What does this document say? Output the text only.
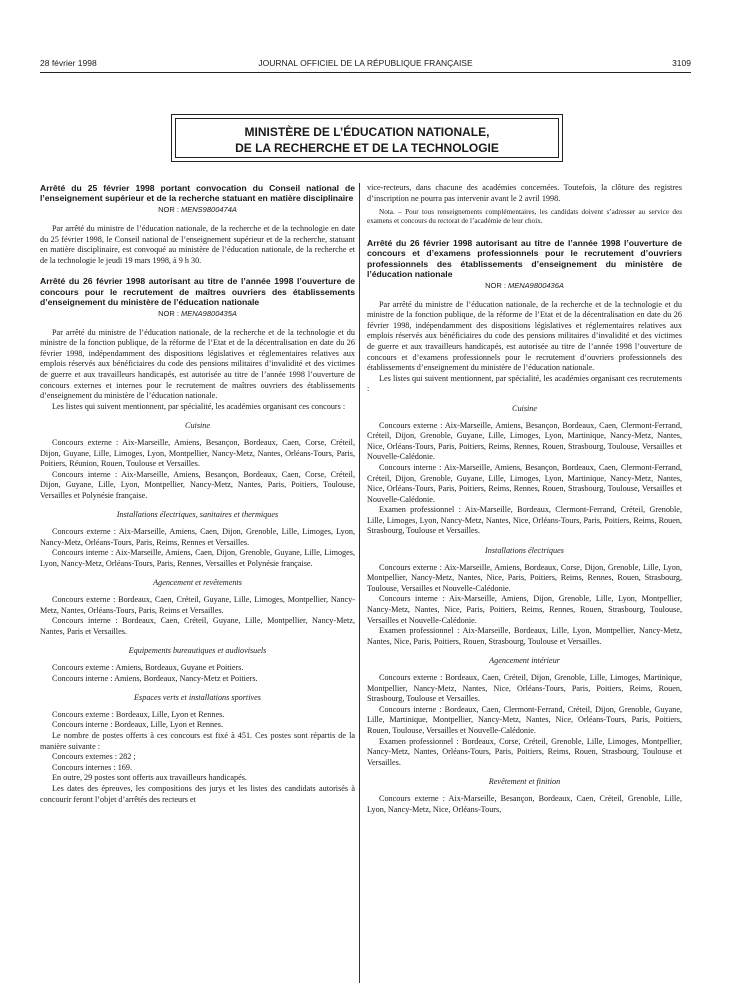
28 février 1998	JOURNAL OFFICIEL DE LA RÉPUBLIQUE FRANÇAISE	3109
MINISTÈRE DE L’ÉDUCATION NATIONALE,
DE LA RECHERCHE ET DE LA TECHNOLOGIE
Arrêté du 25 février 1998 portant convocation du Conseil national de l’enseignement supérieur et de la recherche statuant en matière disciplinaire
NOR : MENS9800474A

Par arrêté du ministre de l’éducation nationale, de la recherche et de la technologie en date du 25 février 1998, le Conseil national de l’enseignement supérieur et de la recherche, statuant en matière disciplinaire, est convoqué au ministère de l’éducation nationale, de la recherche et de la technologie le jeudi 19 mars 1998, à 9 h 30.

Arrêté du 26 février 1998 autorisant au titre de l’année 1998 l’ouverture de concours pour le recrutement de maîtres ouvriers des établissements d’enseignement du ministère de l’éducation nationale
NOR : MENA9800435A

Par arrêté du ministre de l’éducation nationale, de la recherche et de la technologie et du ministre de la fonction publique, de la réforme de l’Etat et de la décentralisation en date du 26 février 1998, indépendamment des dispositions législatives et réglementaires relatives aux emplois réservés aux bénéficiaires du code des pensions militaires d’invalidité et des victimes de guerre et aux travailleurs handicapés, est autorisée au titre de l’année 1998 l’ouverture de concours externes et internes pour le recrutement de maîtres ouvriers des établissements d’enseignement du ministère de l’éducation nationale.

Les listes qui suivent mentionnent, par spécialité, les académies organisant ces concours :

Cuisine

Concours externe : Aix-Marseille, Amiens, Besançon, Bordeaux, Caen, Corse, Créteil, Dijon, Guyane, Lille, Limoges, Lyon, Montpellier, Nancy-Metz, Nantes, Orléans-Tours, Paris, Poitiers, Réunion, Rouen, Toulouse et Versailles.

Concours interne : Aix-Marseille, Amiens, Besançon, Bordeaux, Caen, Corse, Créteil, Dijon, Guyane, Lille, Lyon, Montpellier, Nancy-Metz, Nantes, Paris, Poitiers, Toulouse, Versailles et Polynésie française.

Installations électriques, sanitaires et thermiques

Concours externe : Aix-Marseille, Amiens, Caen, Dijon, Grenoble, Lille, Limoges, Lyon, Nancy-Metz, Orléans-Tours, Paris, Reims, Rennes et Versailles.

Concours interne : Aix-Marseille, Amiens, Caen, Dijon, Grenoble, Guyane, Lille, Limoges, Lyon, Nancy-Metz, Orléans-Tours, Paris, Rennes, Versailles et Polynésie française.

Agencement et revêtements

Concours externe : Bordeaux, Caen, Créteil, Guyane, Lille, Limoges, Montpellier, Nancy-Metz, Nantes, Orléans-Tours, Paris, Reims et Versailles.

Concours interne : Bordeaux, Caen, Créteil, Guyane, Lille, Montpellier, Nancy-Metz, Nantes, Paris et Versailles.

Equipements bureautiques et audiovisuels

Concours externe : Amiens, Bordeaux, Guyane et Poitiers.

Concours interne : Amiens, Bordeaux, Nancy-Metz et Poitiers.

Espaces verts et installations sportives

Concours externe : Bordeaux, Lille, Lyon et Rennes.

Concours interne : Bordeaux, Lille, Lyon et Rennes.

Le nombre de postes offerts à ces concours est fixé à 451. Ces postes sont répartis de la manière suivante :

Concours externes : 282 ;

Concours internes : 169.

En outre, 29 postes sont offerts aux travailleurs handicapés.

Les dates des épreuves, les compositions des jurys et les listes des candidats autorisés à concourir feront l’objet d’arrêtés des recteurs et

vice-recteurs, dans chacune des académies concernées. Toutefois, la clôture des registres d’inscription ne pourra pas intervenir avant le 2 avril 1998.

Nota. – Pour tous renseignements complémentaires, les candidats doivent s’adresser au service des examens et concours du rectorat de l’académie de leur choix.

Arrêté du 26 février 1998 autorisant au titre de l’année 1998 l’ouverture de concours et d’examens professionnels pour le recrutement d’ouvriers professionnels des établissements d’enseignement du ministère de l’éducation nationale
NOR : MENA9800436A

Par arrêté du ministre de l’éducation nationale, de la recherche et de la technologie et du ministre de la fonction publique, de la réforme de l’Etat et de la décentralisation en date du 26 février 1998, indépendamment des dispositions législatives et réglementaires relatives aux emplois réservés aux bénéficiaires du code des pensions militaires d’invalidité et des victimes de guerre et aux travailleurs handicapés, est autorisée au titre de l’année 1998 l’ouverture de concours et d’examens professionnels pour le recrutement d’ouvriers professionnels des établissements d’enseignement du ministère de l’éducation nationale.

Les listes qui suivent mentionnent, par spécialité, les académies organisant ces recrutements :

Cuisine

Concours externe : Aix-Marseille, Amiens, Besançon, Bordeaux, Caen, Clermont-Ferrand, Créteil, Dijon, Grenoble, Guyane, Lille, Limoges, Lyon, Martinique, Nancy-Metz, Nantes, Nice, Orléans-Tours, Paris, Poitiers, Reims, Rennes, Rouen, Strasbourg, Toulouse, Versailles et Nouvelle-Calédonie.

Concours interne : Aix-Marseille, Amiens, Besançon, Bordeaux, Caen, Clermont-Ferrand, Créteil, Dijon, Grenoble, Guyane, Lille, Limoges, Lyon, Martinique, Nancy-Metz, Nantes, Nice, Orléans-Tours, Paris, Poitiers, Reims, Rennes, Rouen, Strasbourg, Toulouse, Versailles et Nouvelle-Calédonie.

Examen professionnel : Aix-Marseille, Bordeaux, Clermont-Ferrand, Créteil, Grenoble, Lille, Limoges, Lyon, Nancy-Metz, Nantes, Nice, Orléans-Tours, Paris, Poitiers, Reims, Rouen, Strasbourg, Toulouse et Versailles.

Installations électriques

Concours externe : Aix-Marseille, Amiens, Bordeaux, Corse, Dijon, Grenoble, Lille, Lyon, Montpellier, Nancy-Metz, Nantes, Nice, Paris, Poitiers, Reims, Rennes, Rouen, Strasbourg, Toulouse, Versailles et Nouvelle-Calédonie.

Concours interne : Aix-Marseille, Amiens, Dijon, Grenoble, Lille, Lyon, Montpellier, Nancy-Metz, Nantes, Nice, Paris, Poitiers, Reims, Rennes, Rouen, Strasbourg, Toulouse, Versailles et Nouvelle-Calédonie.

Examen professionnel : Aix-Marseille, Bordeaux, Lille, Lyon, Montpellier, Nancy-Metz, Nantes, Nice, Paris, Poitiers, Rouen, Strasbourg, Toulouse et Versailles.

Agencement intérieur

Concours externe : Bordeaux, Caen, Créteil, Dijon, Grenoble, Lille, Limoges, Martinique, Montpellier, Nancy-Metz, Nantes, Nice, Orléans-Tours, Paris, Poitiers, Reims, Rouen, Strasbourg, Toulouse et Versailles.

Concours interne : Bordeaux, Caen, Clermont-Ferrand, Créteil, Dijon, Grenoble, Guyane, Lille, Martinique, Montpellier, Nancy-Metz, Nantes, Nice, Orléans-Tours, Paris, Poitiers, Rouen, Toulouse, Versailles et Nouvelle-Calédonie.

Examen professionnel : Bordeaux, Corse, Créteil, Grenoble, Lille, Limoges, Montpellier, Nancy-Metz, Nantes, Orléans-Tours, Paris, Poitiers, Reims, Rouen, Strasbourg, Toulouse et Versailles.

Revêtement et finition

Concours externe : Aix-Marseille, Besançon, Bordeaux, Caen, Créteil, Grenoble, Lille, Lyon, Nancy-Metz, Nice, Orléans-Tours,
